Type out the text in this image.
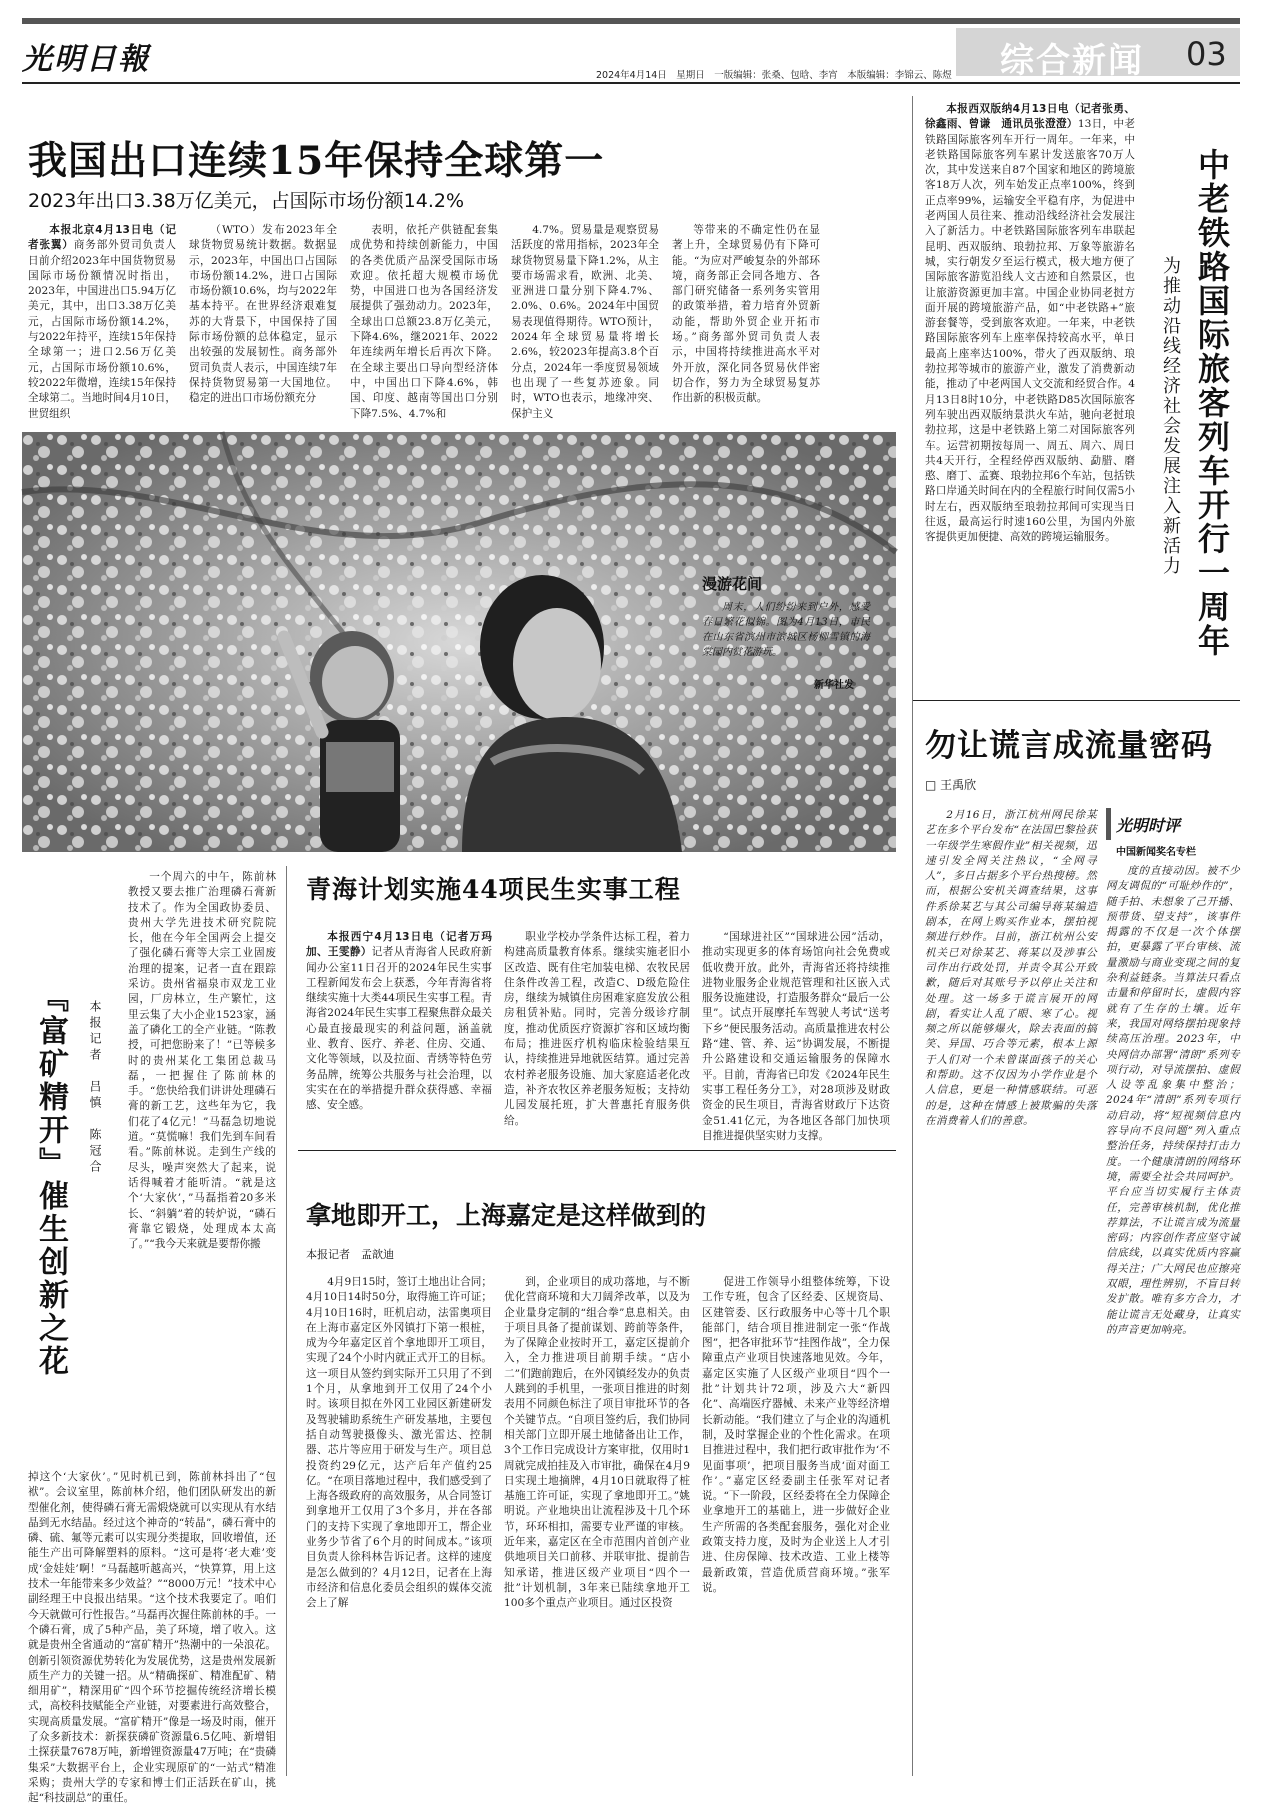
光明日報	2024年4月14日　星期日　一版编辑：张桑、包晗、李宵　本版编辑：李锦云、陈煜 综合新闻 03
我国出口连续15年保持全球第一
2023年出口3.38万亿美元，占国际市场份额14.2%

本报北京4月13日电（记者张翼）商务部外贸司负责人日前介绍2023年中国货物贸易国际市场份额情况时指出，2023年，中国进出口5.94万亿美元，其中，出口3.38万亿美元，占国际市场份额14.2%，与2022年持平，连续15年保持全球第一；进口2.56万亿美元，占国际市场份额10.6%，较2022年微增，连续15年保持全球第二。当地时间4月10日，世贸组织

（WTO）发布2023年全球货物贸易统计数据。数据显示，2023年，中国出口占国际市场份额14.2%，进口占国际市场份额10.6%，均与2022年基本持平。在世界经济艰难复苏的大背景下，中国保持了国际市场份额的总体稳定，显示出较强的发展韧性。商务部外贸司负责人表示，中国连续7年保持货物贸易第一大国地位。稳定的进出口市场份额充分

表明，依托产供链配套集成优势和持续创新能力，中国的各类优质产品深受国际市场欢迎。依托超大规模市场优势，中国进口也为各国经济发展提供了强劲动力。2023年，全球出口总额23.8万亿美元，下降4.6%，继2021年、2022年连续两年增长后再次下降。在全球主要出口导向型经济体中，中国出口下降4.6%，韩国、印度、越南等国出口分别下降7.5%、4.7%和

4.7%。贸易量是观察贸易活跃度的常用指标，2023年全球货物贸易量下降1.2%，从主要市场需求看，欧洲、北美、亚洲进口量分别下降4.7%、2.0%、0.6%。2024年中国贸易表现值得期待。WTO预计，2024年全球贸易量将增长2.6%，较2023年提高3.8个百分点，2024年一季度贸易领域也出现了一些复苏迹象。同时，WTO也表示，地缘冲突、保护主义

等带来的不确定性仍在显著上升，全球贸易仍有下降可能。“为应对严峻复杂的外部环境，商务部正会同各地方、各部门研究储备一系列务实管用的政策举措，着力培育外贸新动能，帮助外贸企业开拓市场。”商务部外贸司负责人表示，中国将持续推进高水平对外开放，深化同各贸易伙伴密切合作，努力为全球贸易复苏作出新的积极贡献。

漫游花间
周末，人们纷纷来到户外，感受春日繁花似锦。图为4月13日，市民在山东省滨州市滨城区杨柳雪镇的海棠园内赏花游玩。
新华社发

本报西双版纳4月13日电（记者张勇、徐鑫雨、曾谦　通讯员张澄澄）13日，中老铁路国际旅客列车开行一周年。一年来，中老铁路国际旅客列车累计发送旅客70万人次，其中发送来自87个国家和地区的跨境旅客18万人次，列车始发正点率100%，终到正点率99%，运输安全平稳有序，为促进中老两国人员往来、推动沿线经济社会发展注入了新活力。中老铁路国际旅客列车串联起昆明、西双版纳、琅勃拉邦、万象等旅游名城，实行朝发夕至运行模式，极大地方便了国际旅客游览沿线人文古迹和自然景区，也让旅游资源更加丰富。中国企业协同老挝方面开展的跨境旅游产品，如“中老铁路+”旅游套餐等，受到旅客欢迎。一年来，中老铁路国际旅客列车上座率保持较高水平，单日最高上座率达100%，带火了西双版纳、琅勃拉邦等城市的旅游产业，激发了消费新动能，推动了中老两国人文交流和经贸合作。4月13日8时10分，中老铁路D85次国际旅客列车驶出西双版纳景洪火车站，驰向老挝琅勃拉邦，这是中老铁路上第二对国际旅客列车。运营初期按每周一、周五、周六、周日共4天开行，全程经停西双版纳、勐腊、磨憨、磨丁、孟赛、琅勃拉邦6个车站，包括铁路口岸通关时间在内的全程旅行时间仅需5小时左右，西双版纳至琅勃拉邦间可实现当日往返，最高运行时速160公里，为国内外旅客提供更加便捷、高效的跨境运输服务。	中老铁路国际旅客列车开行一周年
为推动沿线经济社会发展注入新活力
勿让谎言成流量密码
□ 王禹欣
光明时评
中国新闻奖名专栏

2月16日，浙江杭州网民徐某艺在多个平台发布“在法国巴黎捡获一年级学生寒假作业”相关视频，迅速引发全网关注热议，“全网寻人”，多日占据多个平台热搜榜。然而，根据公安机关调查结果，这事件系徐某艺与其公司编导蒋某编造剧本，在网上购买作业本，摆拍视频进行炒作。目前，浙江杭州公安机关已对徐某艺、蒋某以及涉事公司作出行政处罚，并责令其公开致歉，随后对其账号予以停止关注和处理。这一场多于谎言展开的网剧，看实让人乱了眼、寒了心。视频之所以能够爆火，除去表面的搞笑、异国、巧合等元素，根本上源于人们对一个未曾谋面孩子的关心和帮助。这不仅因为小学作业是个人信息，更是一种情感联结。可恶的是，这种在情感上被欺骗的失落在消费着人们的善意。

度的直接动因。被不少网友调侃的“可耻炒作的”，随手拍、未想象了己开播、预带货、望支持”，该事件揭露的不仅是一次个体摆拍，更暴露了平台审核、流量激励与商业变现之间的复杂利益链条。当算法只看点击量和停留时长，虚假内容就有了生存的土壤。近年来，我国对网络摆拍现象持续高压治理。2023年，中央网信办部署“清朗”系列专项行动，对导流摆拍、虚假人设等乱象集中整治；2024年“清朗”系列专项行动启动，将“短视频信息内容导向不良问题”列入重点整治任务，持续保持打击力度。一个健康清朗的网络环境，需要全社会共同呵护。平台应当切实履行主体责任，完善审核机制，优化推荐算法，不让谎言成为流量密码；内容创作者应坚守诚信底线，以真实优质内容赢得关注；广大网民也应擦亮双眼，理性辨别，不盲目转发扩散。唯有多方合力，才能让谎言无处藏身，让真实的声音更加响亮。

『富矿精开』催生创新之花 本报记者　吕慎　陈冠合

一个周六的中午，陈前林教授又要去推广治理磷石膏新技术了。作为全国政协委员、贵州大学先进技术研究院院长，他在今年全国两会上提交了强化磷石膏等大宗工业固废治理的提案，记者一直在跟踪采访。贵州省福泉市双龙工业园，厂房林立，生产繁忙，这里云集了大小企业1523家，涵盖了磷化工的全产业链。“陈教授，可把您盼来了！”已等候多时的贵州某化工集团总裁马磊，一把握住了陈前林的手。“您快给我们讲讲处理磷石膏的新工艺，这些年为它，我们花了4亿元！”马磊急切地说道。“莫慌嘛！我们先到车间看看。”陈前林说。走到生产线的尽头，噪声突然大了起来，说话得喊着才能听清。“就是这个‘大家伙’，”马磊指着20多米长、“斜躺”着的转炉说，“磷石膏靠它锻烧，处理成本太高了。”“我今天来就是要帮你搬

掉这个‘大家伙’。”见时机已到，陈前林抖出了“包袱”。会议室里，陈前林介绍，他们团队研发出的新型催化剂，使得磷石膏无需煅烧就可以实现从有水结晶到无水结晶。经过这个神奇的“转晶”，磷石膏中的磷、硫、氟等元素可以实现分类提取，回收增值，还能生产出可降解塑料的原料。“这可是将‘老大难’变成‘金娃娃’啊！”马磊越听越高兴，“快算算，用上这技术一年能带来多少效益？”“8000万元！”技术中心副经理王中良报出结果。“这个技术我要定了。咱们今天就做可行性报告。”马磊再次握住陈前林的手。一个磷石膏，成了5种产品，美了环境，增了收入。这就是贵州全省通动的“富矿精开”热潮中的一朵浪花。创新引领资源优势转化为发展优势，这是贵州发展新质生产力的关键一招。从“精确探矿、精准配矿、精细用矿”，精深用矿“四个环节挖掘传统经济增长模式，高校科技赋能全产业链，对要素进行高效整合，实现高质量发展。“富矿精开”像是一场及时雨，催开了众多新技术：新探获磷矿资源量6.5亿吨、新增钼土探获量7678万吨，新增锂资源量47万吨；在“贵磷集采”大数据平台上，企业实现原矿的“一站式”精准采购；贵州大学的专家和博士们正活跃在矿山，挑起“科技副总”的重任。

青海计划实施44项民生实事工程

本报西宁4月13日电（记者万玛加、王雯静）记者从青海省人民政府新闻办公室11日召开的2024年民生实事工程新闻发布会上获悉，今年青海省将继续实施十大类44项民生实事工程。青海省2024年民生实事工程聚焦群众最关心最直接最现实的利益问题，涵盖就业、教育、医疗、养老、住房、交通、文化等领域，以及拉面、青绣等特色劳务品牌，统筹公共服务与社会治理，以实实在在的举措提升群众获得感、幸福感、安全感。

职业学校办学条件达标工程，着力构建高质量教育体系。继续实施老旧小区改造、既有住宅加装电梯、农牧民居住条件改善工程，改造C、D级危险住房，继续为城镇住房困难家庭发放公租房租赁补贴。同时，完善分级诊疗制度，推动优质医疗资源扩容和区域均衡布局；推进医疗机构临床检验结果互认，持续推进异地就医结算。通过完善农村养老服务设施、加大家庭适老化改造，补齐农牧区养老服务短板；支持幼儿园发展托班，扩大普惠托育服务供给。

“国球进社区”“国球进公园”活动，推动实现更多的体育场馆向社会免费或低收费开放。此外，青海省还将持续推进物业服务企业规范管理和社区嵌入式服务设施建设，打造服务群众“最后一公里”。试点开展摩托车驾驶人考试“送考下乡”便民服务活动。高质量推进农村公路“建、管、养、运”协调发展，不断提升公路建设和交通运输服务的保障水平。目前，青海省已印发《2024年民生实事工程任务分工》，对28项涉及财政资金的民生项目，青海省财政厅下达资金51.41亿元，为各地区各部门加快项目推进提供坚实财力支撑。

拿地即开工，上海嘉定是这样做到的
本报记者　孟歆迪

4月9日15时，签订土地出让合同；4月10日14时50分，取得施工许可证；4月10日16时，旺机启动，法雷奥项目在上海市嘉定区外冈镇打下第一根桩，成为今年嘉定区首个拿地即开工项目，实现了24个小时内就正式开工的目标。这一项目从签约到实际开工只用了不到1个月，从拿地到开工仅用了24个小时。该项目拟在外冈工业园区新建研发及驾驶辅助系统生产研发基地，主要包括自动驾驶摄像头、激光雷达、控制器、芯片等应用于研发与生产。项目总投资约29亿元，达产后年产值约25亿。“在项目落地过程中，我们感受到了上海各级政府的高效服务，从合同签订到拿地开工仅用了3个多月，并在各部门的支持下实现了拿地即开工，帮企业业务少节省了6个月的时间成本。”该项目负责人徐科林告诉记者。这样的速度是怎么做到的？4月12日，记者在上海市经济和信息化委员会组织的媒体交流会上了解

到，企业项目的成功落地，与不断优化营商环境和大刀阔斧改革，以及为企业量身定制的“组合拳”息息相关。由于项目具备了提前谋划、跨前等条件，为了保障企业按时开工，嘉定区提前介入，全力推进项目前期手续。“店小二”们跑前跑后，在外冈镇经发办的负责人跳到的手机里，一张项目推进的时刻表用不同颜色标注了项目审批环节的各个关键节点。“自项目签约后，我们协同相关部门立即开展土地储备出让工作，3个工作日完成设计方案审批，仅用时1周就完成拍挂及入市审批，确保在4月9日实现土地摘牌，4月10日就取得了桩基施工许可证，实现了拿地即开工。”姚明说。产业地块出让流程涉及十几个环节，环环相扣，需要专业严谨的审核。近年来，嘉定区在全市范围内首创产业供地项目关口前移、并联审批、提前告知承诺，推进区级产业项目“四个一批”计划机制，3年来已陆续拿地开工100多个重点产业项目。通过区投资

促进工作领导小组整体统筹，下设工作专班，包含了区经委、区规资局、区建管委、区行政服务中心等十几个职能部门，结合项目推进制定一张“作战图”，把各审批环节“挂图作战”，全力保障重点产业项目快速落地见效。今年，嘉定区实施了人区级产业项目“四个一批”计划共计72项，涉及六大“新四化”、高端医疗器械、未来产业等经济增长新动能。“我们建立了与企业的沟通机制，及时掌握企业的个性化需求。在项目推进过程中，我们把行政审批作为‘不见面事项’，把项目服务当成‘面对面工作’。”嘉定区经委副主任张军对记者说。“下一阶段，区经委将在全力保障企业拿地开工的基础上，进一步做好企业生产所需的各类配套服务，强化对企业政策支持力度，及时为企业送上人才引进、住房保障、技术改造、工业上楼等最新政策，营造优质营商环境。”张军说。
